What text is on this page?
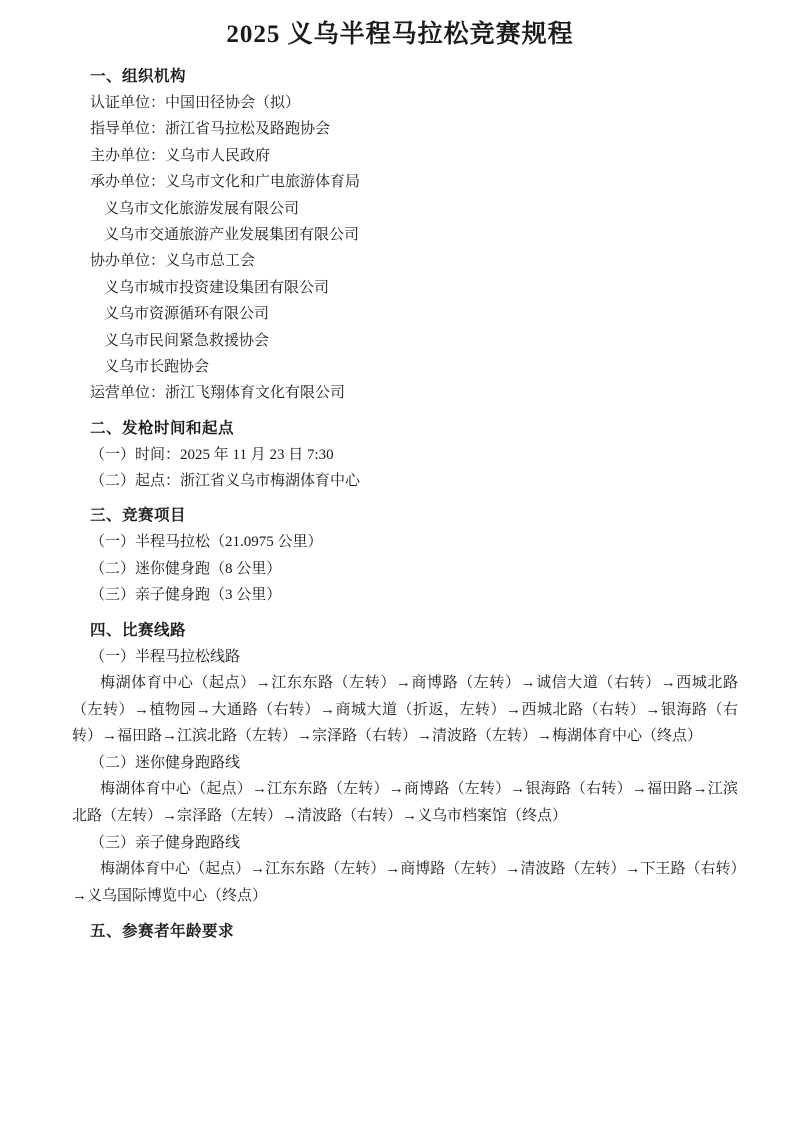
2025 义乌半程马拉松竞赛规程
一、组织机构
认证单位：中国田径协会（拟）
指导单位：浙江省马拉松及路跑协会
主办单位：义乌市人民政府
承办单位：义乌市文化和广电旅游体育局
义乌市文化旅游发展有限公司
义乌市交通旅游产业发展集团有限公司
协办单位：义乌市总工会
义乌市城市投资建设集团有限公司
义乌市资源循环有限公司
义乌市民间紧急救援协会
义乌市长跑协会
运营单位：浙江飞翔体育文化有限公司
二、发枪时间和起点
（一）时间：2025 年 11 月 23 日 7:30
（二）起点：浙江省义乌市梅湖体育中心
三、竞赛项目
（一）半程马拉松（21.0975 公里）
（二）迷你健身跑（8 公里）
（三）亲子健身跑（3 公里）
四、比赛线路
（一）半程马拉松线路
梅湖体育中心（起点）→江东东路（左转）→商博路（左转）→诚信大道（右转）→西城北路（左转）→植物园→大通路（右转）→商城大道（折返，左转）→西城北路（右转）→银海路（右转）→福田路→江滨北路（左转）→宗泽路（右转）→清波路（左转）→梅湖体育中心（终点）
（二）迷你健身跑路线
梅湖体育中心（起点）→江东东路（左转）→商博路（左转）→银海路（右转）→福田路→江滨北路（左转）→宗泽路（左转）→清波路（右转）→义乌市档案馆（终点）
（三）亲子健身跑路线
梅湖体育中心（起点）→江东东路（左转）→商博路（左转）→清波路（左转）→下王路（右转）→义乌国际博览中心（终点）
五、参赛者年龄要求
